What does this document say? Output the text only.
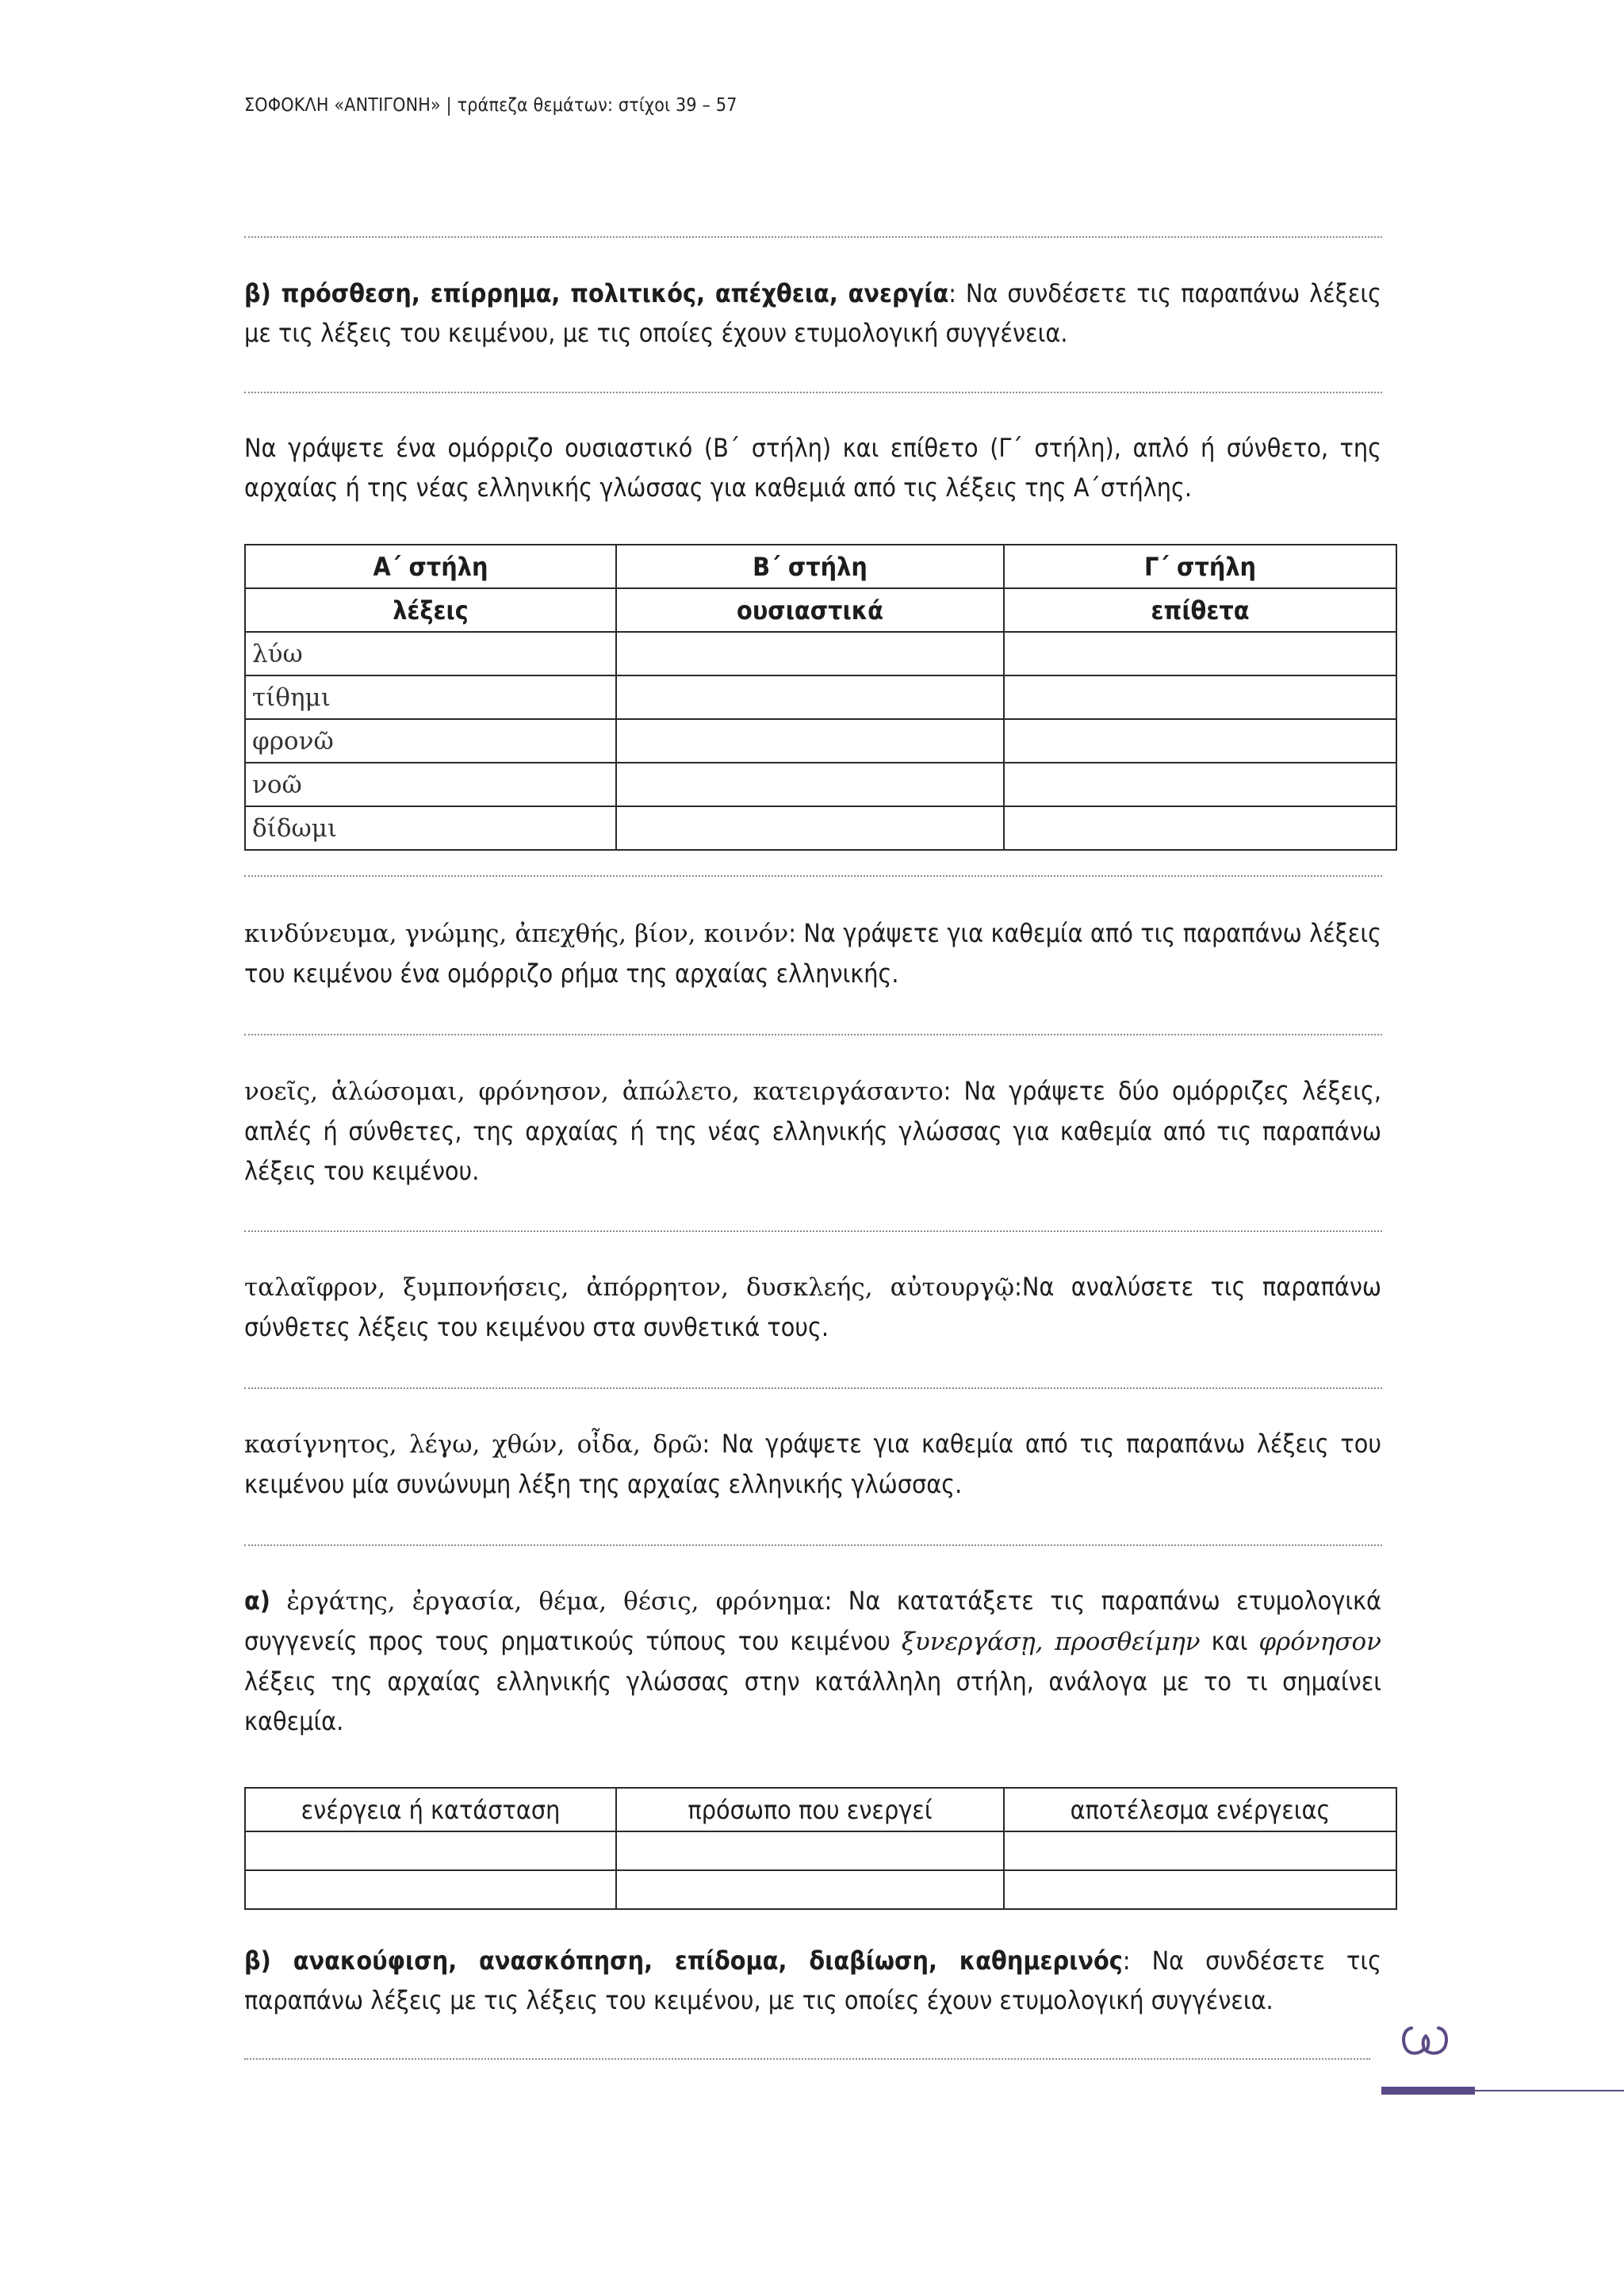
ΣΟΦΟΚΛΗ «ΑΝΤΙΓΟΝΗ» | τράπεζα θεμάτων: στίχοι 39 – 57
β) πρόσθεση, επίρρημα, πολιτικός, απέχθεια, ανεργία: Να συνδέσετε τις παραπάνω λέξεις με τις λέξεις του κειμένου, με τις οποίες έχουν ετυμολογική συγγένεια.
Να γράψετε ένα ομόρριζο ουσιαστικό (Β΄ στήλη) και επίθετο (Γ΄ στήλη), απλό ή σύνθετο, της αρχαίας ή της νέας ελληνικής γλώσσας για καθεμιά από τις λέξεις της Α΄στήλης.
Α΄ στήλη	Β΄ στήλη	Γ΄ στήλη
λέξεις	ουσιαστικά	επίθετα
λύω		
τίθημι		
φρονῶ		
νοῶ		
δίδωμι		
κινδύνευμα, γνώμης, ἀπεχθής, βίον, κοινόν: Να γράψετε για καθεμία από τις παραπάνω λέξεις του κειμένου ένα ομόρριζο ρήμα της αρχαίας ελληνικής.
νοεῖς, ἁλώσομαι, φρόνησον, ἀπώλετο, κατειργάσαντο: Να γράψετε δύο ομόρριζες λέξεις, απλές ή σύνθετες, της αρχαίας ή της νέας ελληνικής γλώσσας για καθεμία από τις παραπάνω λέξεις του κειμένου.
ταλαῖφρον, ξυμπονήσεις, ἀπόρρητον, δυσκλεής, αὐτουργῷ:Να αναλύσετε τις παραπάνω σύνθετες λέξεις του κειμένου στα συνθετικά τους.
κασίγνητος, λέγω, χθών, οἶδα, δρῶ: Να γράψετε για καθεμία από τις παραπάνω λέξεις του κειμένου μία συνώνυμη λέξη της αρχαίας ελληνικής γλώσσας.
α) ἐργάτης, ἐργασία, θέμα, θέσις, φρόνημα: Να κατατάξετε τις παραπάνω ετυμολογικά συγγενείς προς τους ρηματικούς τύπους του κειμένου ξυνεργάσῃ, προσθείμην και φρόνησον λέξεις της αρχαίας ελληνικής γλώσσας στην κατάλληλη στήλη, ανάλογα με το τι σημαίνει καθεμία.
ενέργεια ή κατάσταση	πρόσωπο που ενεργεί	αποτέλεσμα ενέργειας

β) ανακούφιση, ανασκόπηση, επίδομα, διαβίωση, καθημερινός: Να συνδέσετε τις παραπάνω λέξεις με τις λέξεις του κειμένου, με τις οποίες έχουν ετυμολογική συγγένεια.
